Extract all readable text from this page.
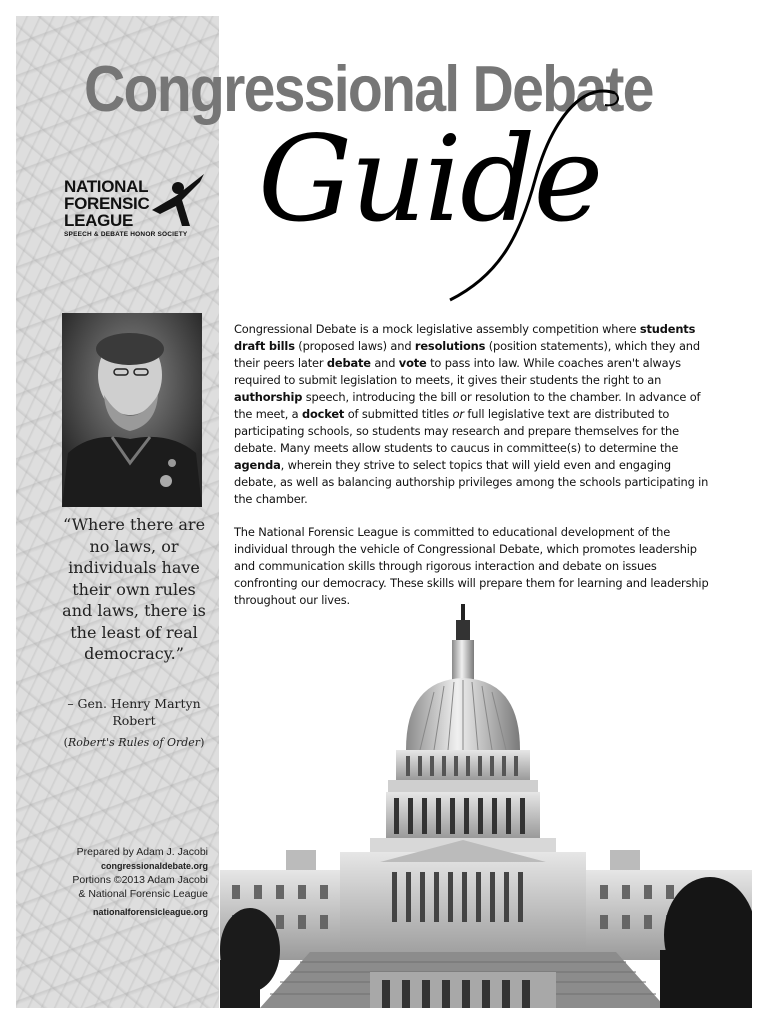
Congressional Debate
Guide
NATIONAL
FORENSIC
LEAGUE
SPEECH & DEBATE HONOR SOCIETY
“Where there are no laws, or individuals have their own rules and laws, there is the least of real democracy.”
– Gen. Henry Martyn Robert
(Robert's Rules of Order)
Prepared by Adam J. Jacobi
congressionaldebate.org
Portions ©2013 Adam Jacobi
& National Forensic League
nationalforensicleague.org

Congressional Debate is a mock legislative assembly competition where students draft bills (proposed laws) and resolutions (position statements), which they and their peers later debate and vote to pass into law. While coaches aren't always required to submit legislation to meets, it gives their students the right to an authorship speech, introducing the bill or resolution to the chamber. In advance of the meet, a docket of submitted titles or full legislative text are distributed to participating schools, so students may research and prepare themselves for the debate. Many meets allow students to caucus in committee(s) to determine the agenda, wherein they strive to select topics that will yield even and engaging debate, as well as balancing authorship privileges among the schools participating in the chamber.

The National Forensic League is committed to educational development of the individual through the vehicle of Congressional Debate, which promotes leadership and communication skills through rigorous interaction and debate on issues confronting our democracy. These skills will prepare them for learning and leadership throughout our lives.
